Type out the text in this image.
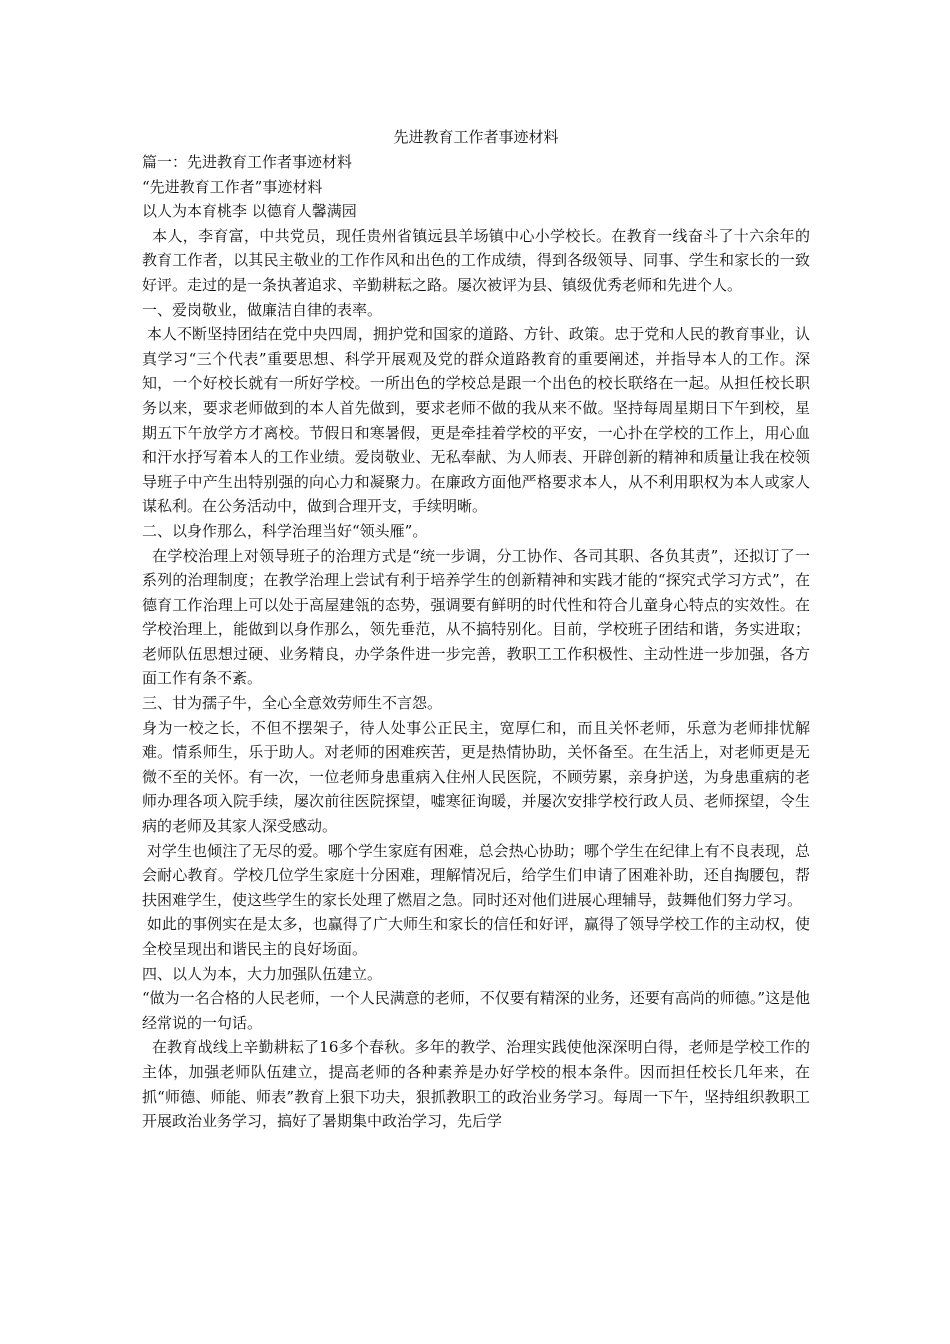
先进教育工作者事迹材料

篇一：先进教育工作者事迹材料

“先进教育工作者”事迹材料

以人为本育桃李 以德育人馨满园

本人，李育富，中共党员，现任贵州省镇远县羊场镇中心小学校长。在教育一线奋斗了十六余年的教育工作者，以其民主敬业的工作作风和出色的工作成绩，得到各级领导、同事、学生和家长的一致好评。走过的是一条执著追求、辛勤耕耘之路。屡次被评为县、镇级优秀老师和先进个人。

一、爱岗敬业，做廉洁自律的表率。

本人不断坚持团结在党中央四周，拥护党和国家的道路、方针、政策。忠于党和人民的教育事业，认真学习“三个代表”重要思想、科学开展观及党的群众道路教育的重要阐述，并指导本人的工作。深知，一个好校长就有一所好学校。一所出色的学校总是跟一个出色的校长联络在一起。从担任校长职务以来，要求老师做到的本人首先做到，要求老师不做的我从来不做。坚持每周星期日下午到校，星期五下午放学方才离校。节假日和寒暑假，更是牵挂着学校的平安，一心扑在学校的工作上，用心血和汗水抒写着本人的工作业绩。爱岗敬业、无私奉献、为人师表、开辟创新的精神和质量让我在校领导班子中产生出特别强的向心力和凝聚力。在廉政方面他严格要求本人，从不利用职权为本人或家人谋私利。在公务活动中，做到合理开支，手续明晰。

二、以身作那么，科学治理当好“领头雁”。

在学校治理上对领导班子的治理方式是“统一步调，分工协作、各司其职、各负其责”，还拟订了一系列的治理制度；在教学治理上尝试有利于培养学生的创新精神和实践才能的“探究式学习方式”，在德育工作治理上可以处于高屋建瓴的态势，强调要有鲜明的时代性和符合儿童身心特点的实效性。在学校治理上，能做到以身作那么，领先垂范，从不搞特别化。目前，学校班子团结和谐，务实进取；老师队伍思想过硬、业务精良，办学条件进一步完善，教职工工作积极性、主动性进一步加强，各方面工作有条不紊。

三、甘为孺子牛，全心全意效劳师生不言怨。

身为一校之长，不但不摆架子，待人处事公正民主，宽厚仁和，而且关怀老师，乐意为老师排忧解难。情系师生，乐于助人。对老师的困难疾苦，更是热情协助，关怀备至。在生活上，对老师更是无微不至的关怀。有一次，一位老师身患重病入住州人民医院，不顾劳累，亲身护送，为身患重病的老师办理各项入院手续，屡次前往医院探望，嘘寒征询暖，并屡次安排学校行政人员、老师探望，令生病的老师及其家人深受感动。

对学生也倾注了无尽的爱。哪个学生家庭有困难，总会热心协助；哪个学生在纪律上有不良表现，总会耐心教育。学校几位学生家庭十分困难，理解情况后，给学生们申请了困难补助，还自掏腰包，帮扶困难学生，使这些学生的家长处理了燃眉之急。同时还对他们进展心理辅导，鼓舞他们努力学习。

如此的事例实在是太多，也赢得了广大师生和家长的信任和好评，赢得了领导学校工作的主动权，使全校呈现出和谐民主的良好场面。

四、以人为本，大力加强队伍建立。

“做为一名合格的人民老师，一个人民满意的老师，不仅要有精深的业务，还要有高尚的师德。”这是他经常说的一句话。

在教育战线上辛勤耕耘了16多个春秋。多年的教学、治理实践使他深深明白得，老师是学校工作的主体，加强老师队伍建立，提高老师的各种素养是办好学校的根本条件。因而担任校长几年来，在抓“师德、师能、师表”教育上狠下功夫，狠抓教职工的政治业务学习。每周一下午，坚持组织教职工开展政治业务学习，搞好了暑期集中政治学习，先后学
